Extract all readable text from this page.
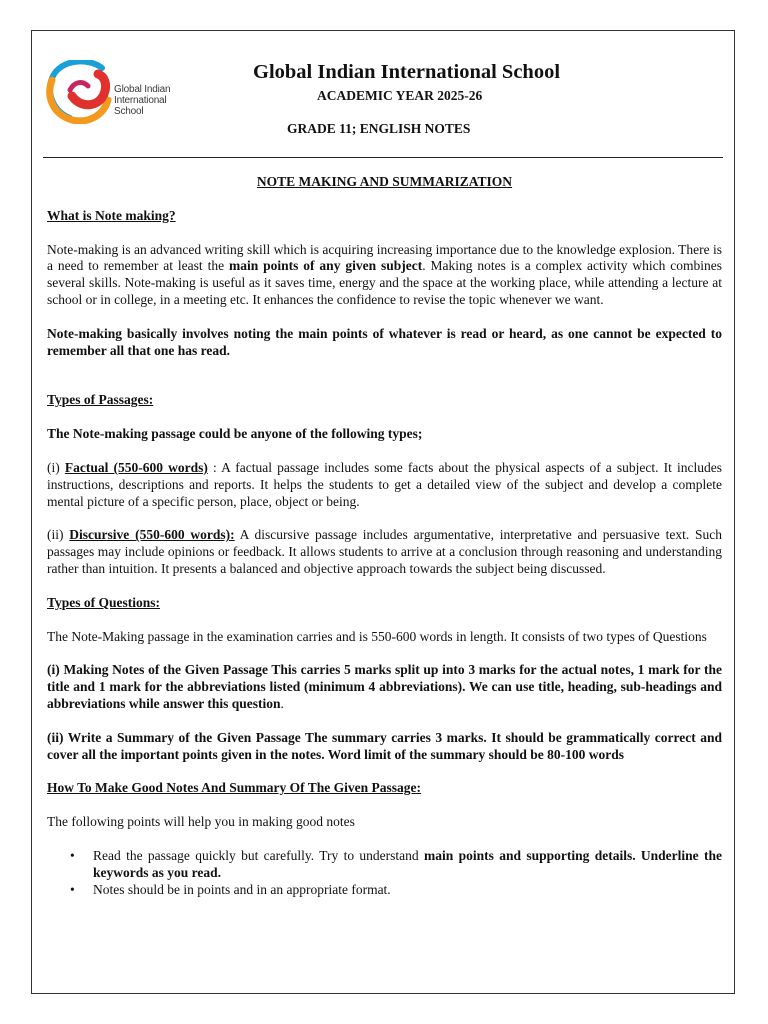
Global Indian
International
School
Global Indian International School

ACADEMIC YEAR 2025-26

GRADE 11; ENGLISH NOTES

NOTE MAKING AND SUMMARIZATION

What is Note making?

Note-making is an advanced writing skill which is acquiring increasing importance due to the knowledge explosion. There is a need to remember at least the main points of any given subject. Making notes is a complex activity which combines several skills. Note-making is useful as it saves time, energy and the space at the working place, while attending a lecture at school or in college, in a meeting etc. It enhances the confidence to revise the topic whenever we want.

Note-making basically involves noting the main points of whatever is read or heard, as one cannot be expected to remember all that one has read.

Types of Passages:

The Note-making passage could be anyone of the following types;

(i) Factual (550-600 words) : A factual passage includes some facts about the physical aspects of a subject. It includes instructions, descriptions and reports. It helps the students to get a detailed view of the subject and develop a complete mental picture of a specific person, place, object or being.

(ii) Discursive (550-600 words): A discursive passage includes argumentative, interpretative and persuasive text. Such passages may include opinions or feedback. It allows students to arrive at a conclusion through reasoning and understanding rather than intuition. It presents a balanced and objective approach towards the subject being discussed.

Types of Questions:

The Note-Making passage in the examination carries and is 550-600 words in length. It consists of two types of Questions

(i) Making Notes of the Given Passage This carries 5 marks split up into 3 marks for the actual notes, 1 mark for the title and 1 mark for the abbreviations listed (minimum 4 abbreviations). We can use title, heading, sub-headings and abbreviations while answer this question.

(ii) Write a Summary of the Given Passage The summary carries 3 marks. It should be grammatically correct and cover all the important points given in the notes. Word limit of the summary should be 80-100 words

How To Make Good Notes And Summary Of The Given Passage:

The following points will help you in making good notes

• Read the passage quickly but carefully. Try to understand main points and supporting details. Underline the keywords as you read.
• Notes should be in points and in an appropriate format.
